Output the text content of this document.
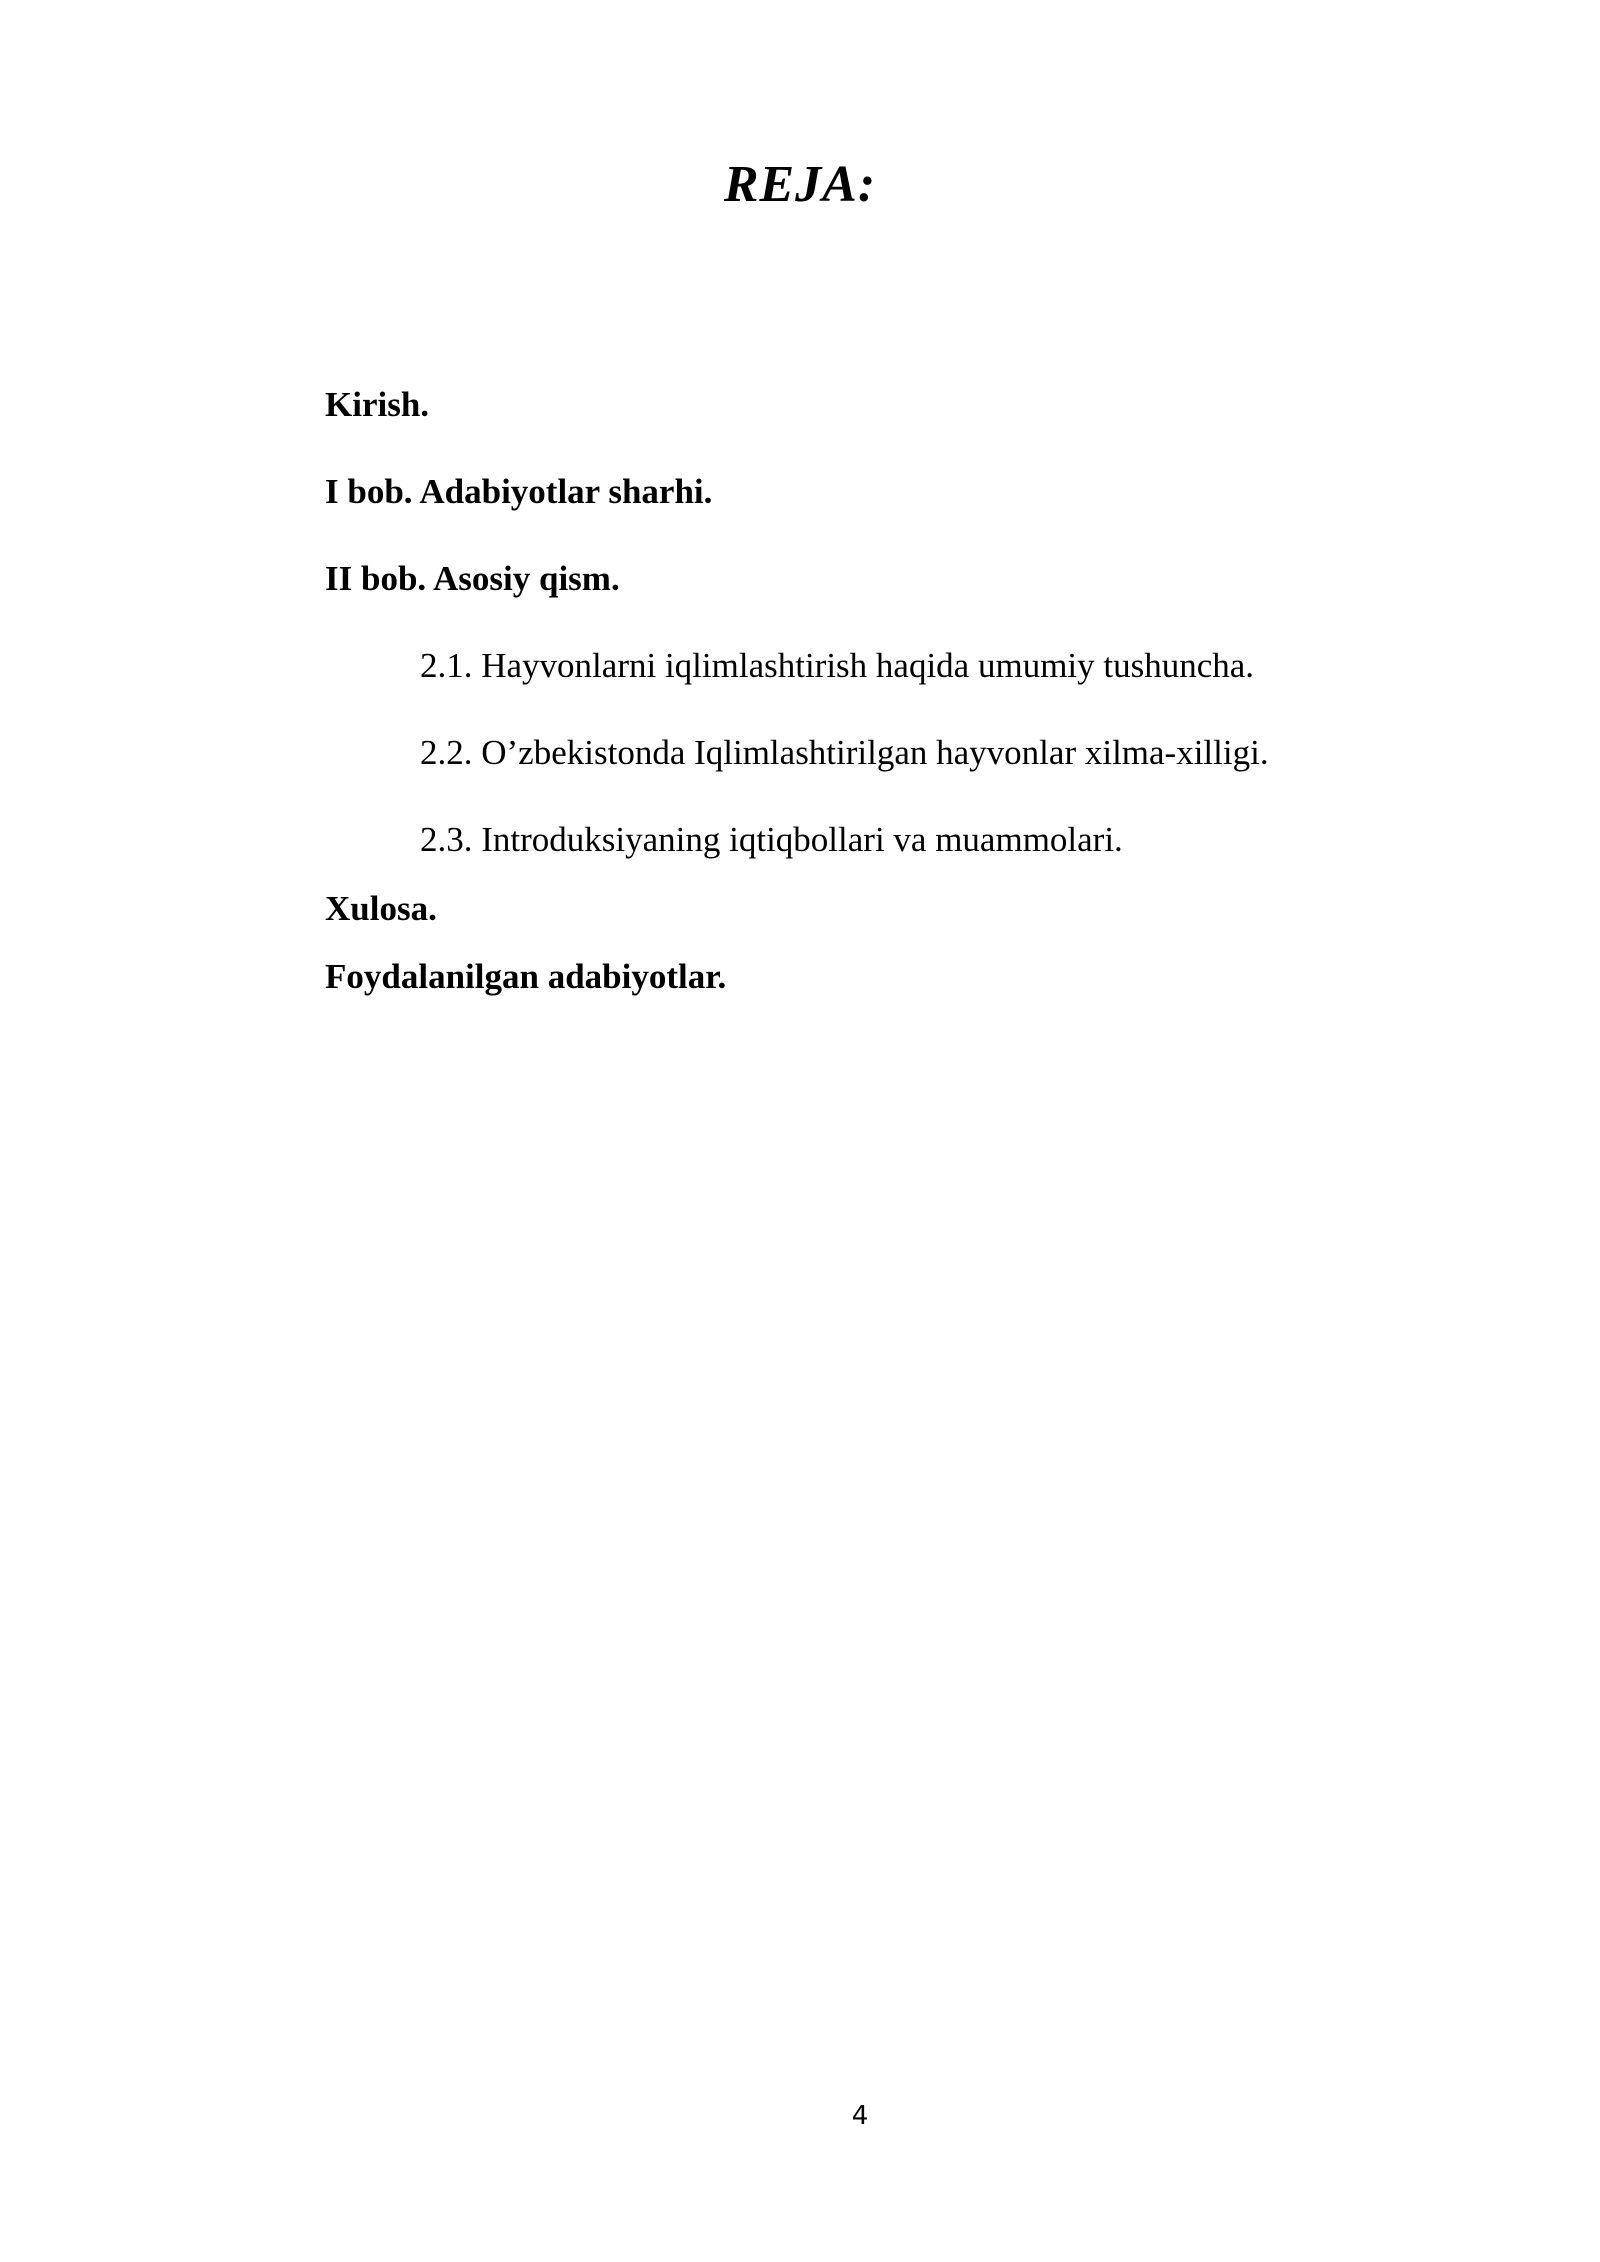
REJA:
Kirish.
I bob. Adabiyotlar sharhi.
II bob. Asosiy qism.
2.1. Hayvonlarni iqlimlashtirish haqida umumiy tushuncha.
2.2. O’zbekistonda Iqlimlashtirilgan hayvonlar xilma-xilligi.
2.3. Introduksiyaning iqtiqbollari va muammolari.
Xulosa.
Foydalanilgan adabiyotlar.
4
